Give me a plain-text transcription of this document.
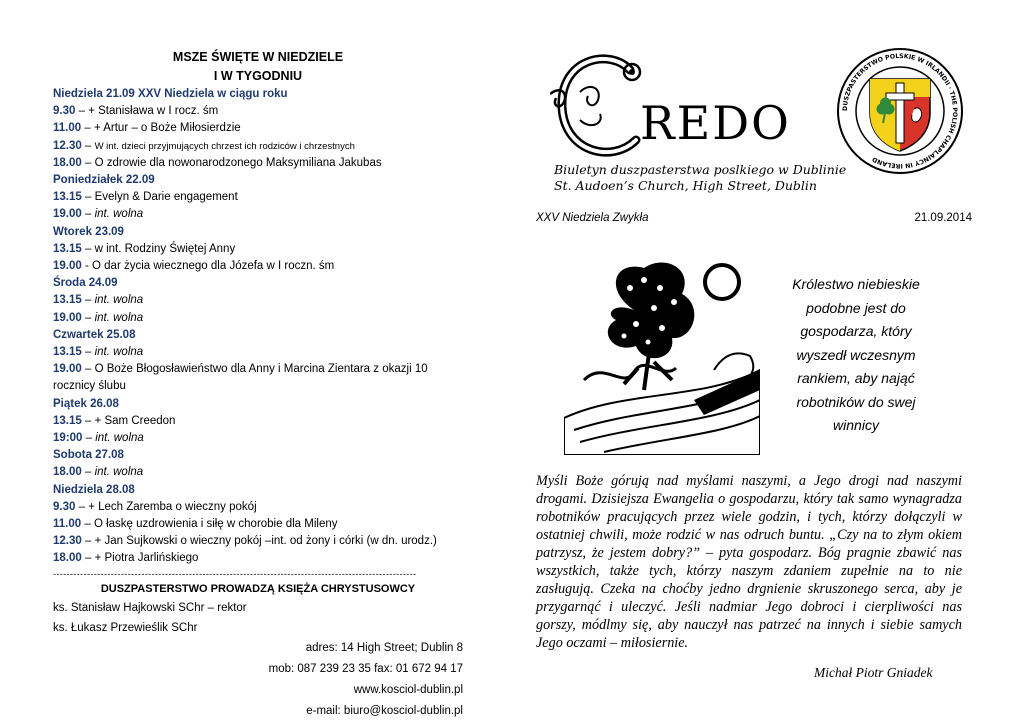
MSZE ŚWIĘTE W NIEDZIELE
I W TYGODNIU
Niedziela 21.09 XXV Niedziela w ciągu roku
9.30 – + Stanisława w I rocz. śm
11.00 – + Artur – o Boże Miłosierdzie
12.30 – W int. dzieci przyjmujących chrzest ich rodziców i chrzestnych
18.00 – O zdrowie dla nowonarodzonego Maksymiliana Jakubas
Poniedziałek 22.09
13.15 – Evelyn & Darie engagement
19.00 – int. wolna
Wtorek 23.09
13.15 – w int. Rodziny Świętej Anny
19.00 - O dar życia wiecznego dla Józefa w I roczn. śm
Środa 24.09
13.15 – int. wolna
19.00 – int. wolna
Czwartek 25.08
13.15 – int. wolna
19.00 – O Boże Błogosławieństwo dla Anny i Marcina Zientara z okazji 10 rocznicy ślubu
Piątek 26.08
13.15 – + Sam Creedon
19:00 – int. wolna
Sobota 27.08
18.00 – int. wolna
Niedziela 28.08
9.30 – + Lech Zaremba o wieczny pokój
11.00 – O łaskę uzdrowienia i siłę w chorobie dla Mileny
12.30 – + Jan Sujkowski o wieczny pokój –int. od żony i córki (w dn. urodz.)
18.00 – + Piotra Jarlińskiego
-----------------------------------------------------------------------------------------------------------
DUSZPASTERSTWO PROWADZĄ KSIĘŻA CHRYSTUSOWCY
ks. Stanisław Hajkowski SChr – rektor
ks. Łukasz Przewieślik SChr
adres: 14 High Street; Dublin 8
mob: 087 239 23 35 fax: 01 672 94 17
www.kosciol-dublin.pl
e-mail: biuro@kosciol-dublin.pl
REDO	DUSZPASTERSTWO POLSKIE W IRLANDII · THE POLISH CHAPLAINCY IN IRELAND
Biuletyn duszpasterstwa poslkiego w Dublinie
St. Audoen’s Church, High Street, Dublin
XXV Niedziela Zwykła	21.09.2014
Królestwo niebieskie podobne jest do gospodarza, który wyszedł wczesnym rankiem, aby nająć robotników do swej winnicy
Myśli Boże górują nad myślami naszymi, a Jego drogi nad naszymi drogami. Dzisiejsza Ewangelia o gospodarzu, który tak samo wynagradza robotników pracujących przez wiele godzin, i tych, którzy dołączyli w ostatniej chwili, może rodzić w nas odruch buntu. „Czy na to złym okiem patrzysz, że jestem dobry?” – pyta gospodarz. Bóg pragnie zbawić nas wszystkich, także tych, którzy naszym zdaniem zupełnie na to nie zasługują. Czeka na choćby jedno drgnienie skruszonego serca, aby je przygarnąć i uleczyć. Jeśli nadmiar Jego dobroci i cierpliwości nas gorszy, módlmy się, aby nauczył nas patrzeć na innych i siebie samych Jego oczami – miłosiernie.
Michał Piotr Gniadek
